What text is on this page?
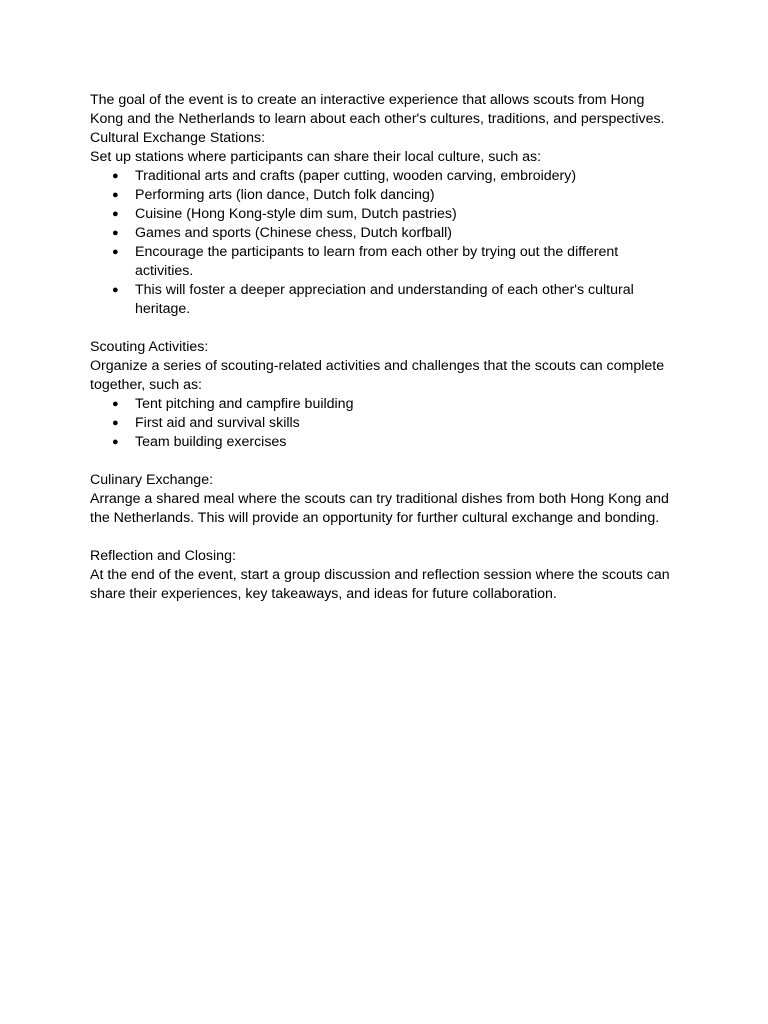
The goal of the event is to create an interactive experience that allows scouts from Hong Kong and the Netherlands to learn about each other's cultures, traditions, and perspectives.

Cultural Exchange Stations:

Set up stations where participants can share their local culture, such as:

● Traditional arts and crafts (paper cutting, wooden carving, embroidery)
● Performing arts (lion dance, Dutch folk dancing)
● Cuisine (Hong Kong-style dim sum, Dutch pastries)
● Games and sports (Chinese chess, Dutch korfball)
● Encourage the participants to learn from each other by trying out the different activities.
● This will foster a deeper appreciation and understanding of each other's cultural heritage.

Scouting Activities:

Organize a series of scouting-related activities and challenges that the scouts can complete together, such as:

● Tent pitching and campfire building
● First aid and survival skills
● Team building exercises

Culinary Exchange:

Arrange a shared meal where the scouts can try traditional dishes from both Hong Kong and the Netherlands. This will provide an opportunity for further cultural exchange and bonding.

Reflection and Closing:

At the end of the event, start a group discussion and reflection session where the scouts can share their experiences, key takeaways, and ideas for future collaboration.
